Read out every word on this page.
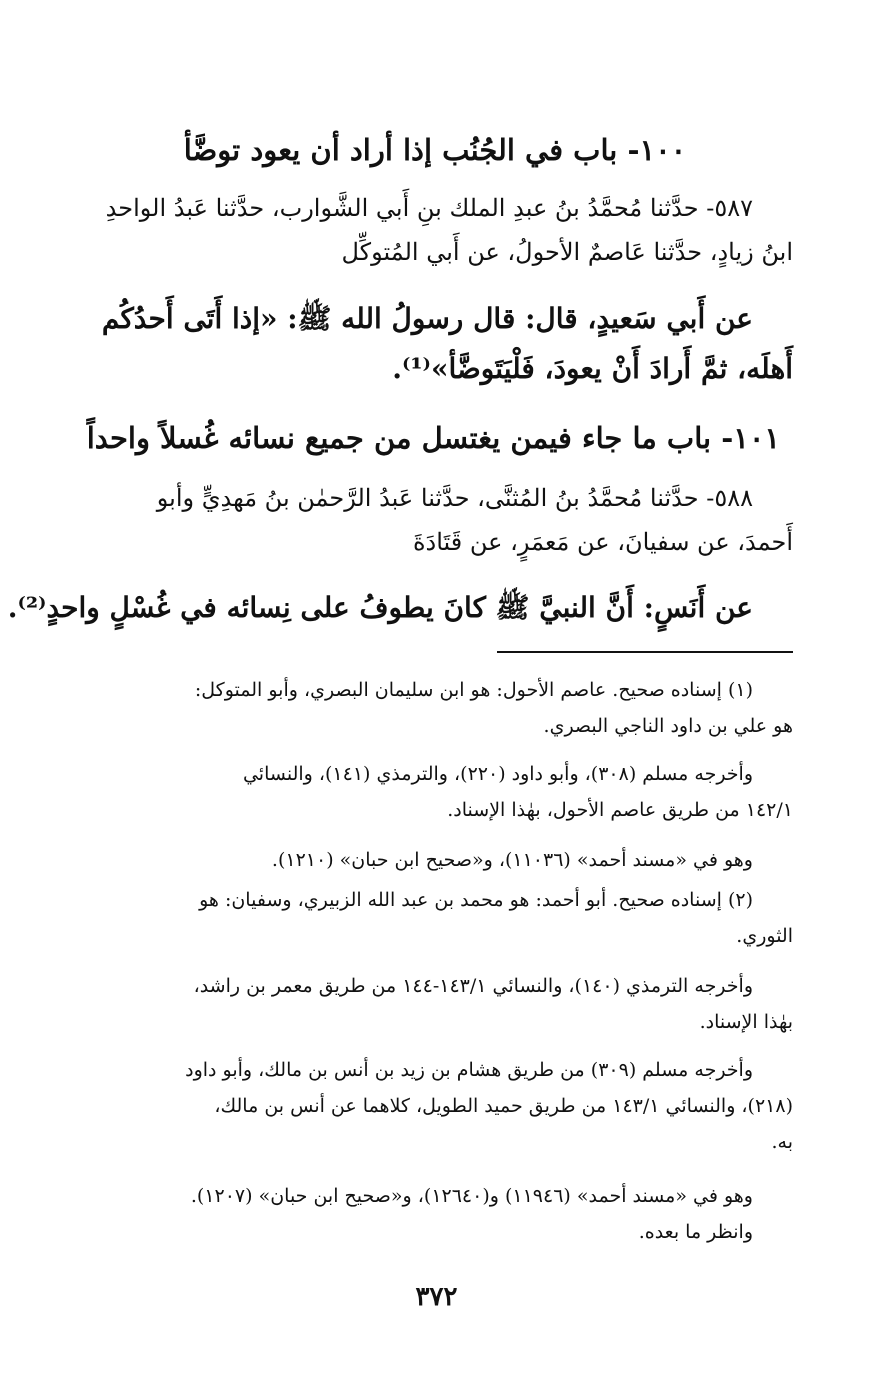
١٠٠- باب في الجُنُب إذا أراد أن يعود توضَّأ
٥٨٧- حدَّثنا مُحمَّدُ بنُ عبدِ الملك بنِ أَبي الشَّوارب، حدَّثنا عَبدُ الواحدِ
ابنُ زيادٍ، حدَّثنا عَاصمٌ الأحولُ، عن أَبي المُتوكِّل
عن أَبي سَعيدٍ، قال: قال رسولُ الله ﷺ: «إذا أَتَى أَحدُكُم
أَهلَه، ثمَّ أَرادَ أَنْ يعودَ، فَلْيَتَوضَّأ»⁽¹⁾.
١٠١- باب ما جاء فيمن يغتسل من جميع نسائه غُسلاً واحداً
٥٨٨- حدَّثنا مُحمَّدُ بنُ المُثنَّى، حدَّثنا عَبدُ الرَّحمٰن بنُ مَهدِيٍّ وأبو
أَحمدَ، عن سفيانَ، عن مَعمَرٍ، عن قَتَادَةَ
عن أَنَسٍ: أَنَّ النبيَّ ﷺ كانَ يطوفُ على نِسائه في غُسْلٍ واحدٍ⁽²⁾.
(١) إسناده صحيح. عاصم الأحول: هو ابن سليمان البصري، وأبو المتوكل:
هو علي بن داود الناجي البصري.
وأخرجه مسلم (٣٠٨)، وأبو داود (٢٢٠)، والترمذي (١٤١)، والنسائي
١٤٢/١ من طريق عاصم الأحول، بهٰذا الإسناد.
وهو في «مسند أحمد» (١١٠٣٦)، و«صحيح ابن حبان» (١٢١٠).
(٢) إسناده صحيح. أبو أحمد: هو محمد بن عبد الله الزبيري، وسفيان: هو
الثوري.
وأخرجه الترمذي (١٤٠)، والنسائي ١٤٣/١-١٤٤ من طريق معمر بن راشد،
بهٰذا الإسناد.
وأخرجه مسلم (٣٠٩) من طريق هشام بن زيد بن أنس بن مالك، وأبو داود
(٢١٨)، والنسائي ١٤٣/١ من طريق حميد الطويل، كلاهما عن أنس بن مالك،
به.
وهو في «مسند أحمد» (١١٩٤٦) و(١٢٦٤٠)، و«صحيح ابن حبان» (١٢٠٧).
وانظر ما بعده.
٣٧٢
